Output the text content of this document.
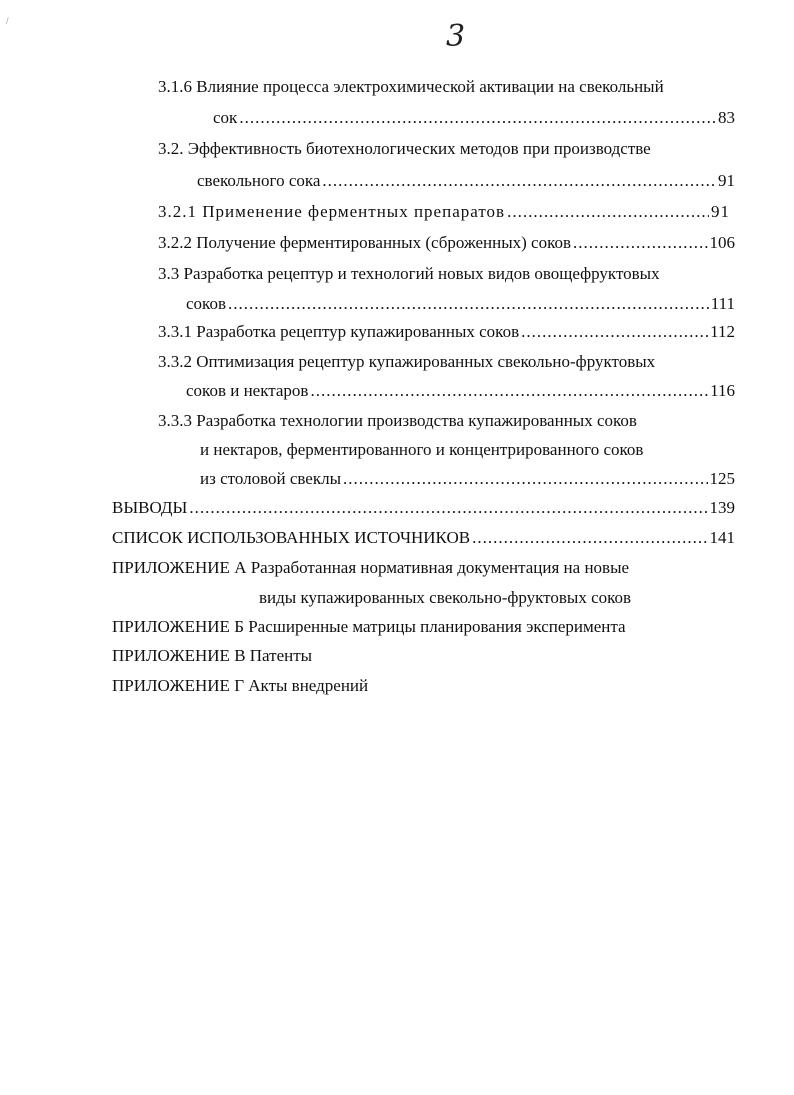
/	3
3.1.6 Влияние процесса электрохимической активации на свекольный
сок .....	83
3.2. Эффективность биотехнологических методов при производстве
свекольного сока .....	91
3.2.1 Применение ферментных препаратов .....	91
3.2.2 Получение ферментированных (сброженных) соков .....	106
3.3 Разработка рецептур и технологий новых видов овощефруктовых
соков .....	111
3.3.1 Разработка рецептур купажированных соков .....	112
3.3.2 Оптимизация рецептур купажированных свекольно-фруктовых
соков и нектаров .....	116
3.3.3 Разработка технологии производства купажированных соков
и нектаров, ферментированного и концентрированного соков
из столовой свеклы .....	125
ВЫВОДЫ .....	139
СПИСОК ИСПОЛЬЗОВАННЫХ ИСТОЧНИКОВ .....	141
ПРИЛОЖЕНИЕ А Разработанная нормативная документация на новые
виды купажированных свекольно-фруктовых соков
ПРИЛОЖЕНИЕ Б Расширенные матрицы планирования эксперимента
ПРИЛОЖЕНИЕ В Патенты
ПРИЛОЖЕНИЕ Г Акты внедрений
